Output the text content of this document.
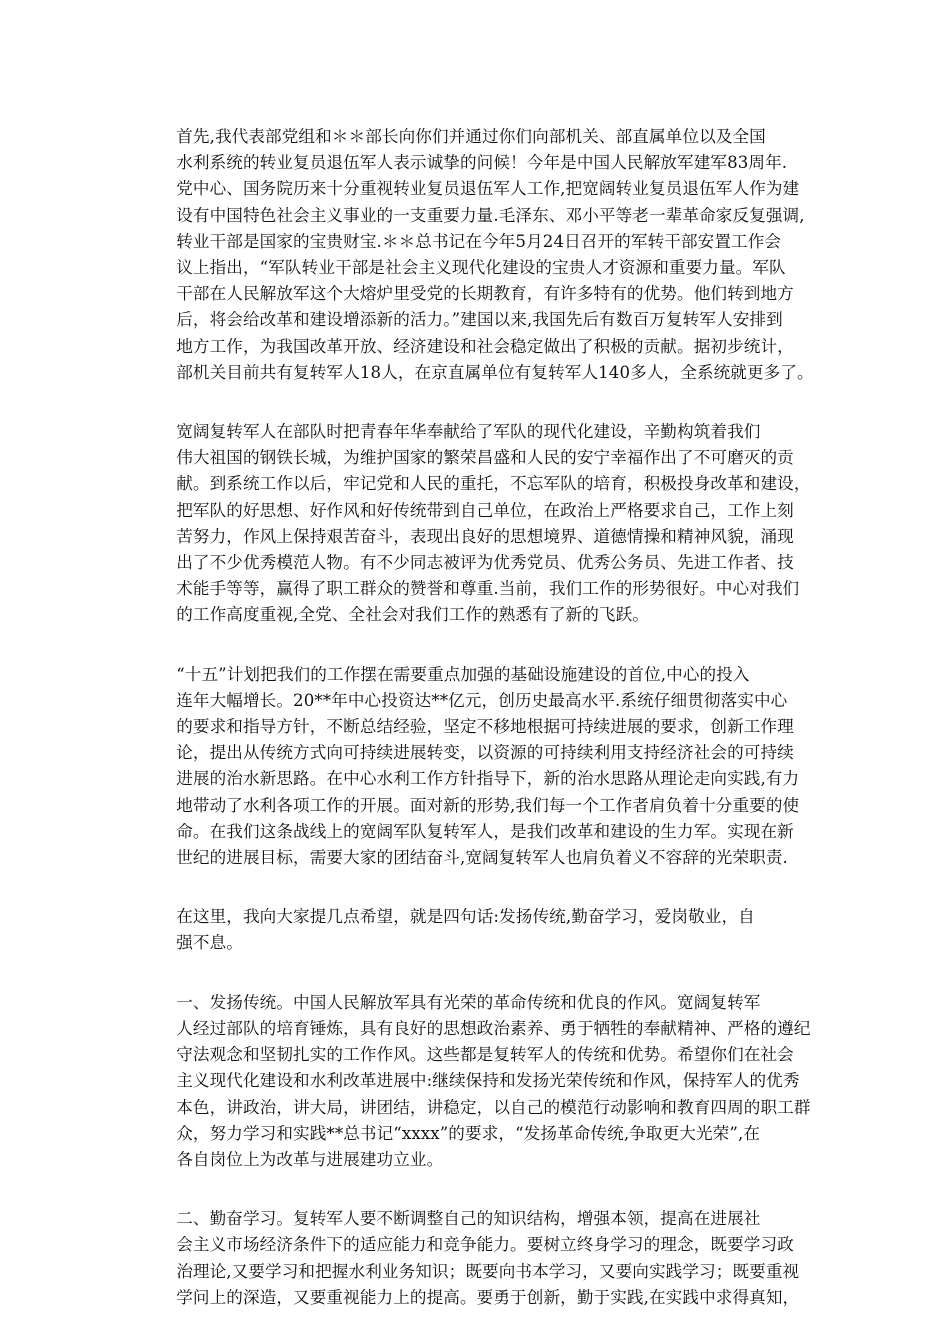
首先,我代表部党组和＊＊部长向你们并通过你们向部机关、部直属单位以及全国
水利系统的转业复员退伍军人表示诚挚的问候！今年是中国人民解放军建军83周年.
党中心、国务院历来十分重视转业复员退伍军人工作,把宽阔转业复员退伍军人作为建
设有中国特色社会主义事业的一支重要力量.毛泽东、邓小平等老一辈革命家反复强调,
转业干部是国家的宝贵财宝.＊＊总书记在今年5月24日召开的军转干部安置工作会
议上指出，“军队转业干部是社会主义现代化建设的宝贵人才资源和重要力量。军队
干部在人民解放军这个大熔炉里受党的长期教育，有许多特有的优势。他们转到地方
后，将会给改革和建设增添新的活力。”建国以来,我国先后有数百万复转军人安排到
地方工作，为我国改革开放、经济建设和社会稳定做出了积极的贡献。据初步统计，
部机关目前共有复转军人18人，在京直属单位有复转军人140多人，全系统就更多了。
宽阔复转军人在部队时把青春年华奉献给了军队的现代化建设，辛勤构筑着我们
伟大祖国的钢铁长城，为维护国家的繁荣昌盛和人民的安宁幸福作出了不可磨灭的贡
献。到系统工作以后，牢记党和人民的重托，不忘军队的培育，积极投身改革和建设，
把军队的好思想、好作风和好传统带到自己单位，在政治上严格要求自己，工作上刻
苦努力，作风上保持艰苦奋斗，表现出良好的思想境界、道德情操和精神风貌，涌现
出了不少优秀模范人物。有不少同志被评为优秀党员、优秀公务员、先进工作者、技
术能手等等，赢得了职工群众的赞誉和尊重.当前，我们工作的形势很好。中心对我们
的工作高度重视,全党、全社会对我们工作的熟悉有了新的飞跃。
“十五”计划把我们的工作摆在需要重点加强的基础设施建设的首位,中心的投入
连年大幅增长。20**年中心投资达**亿元，创历史最高水平.系统仔细贯彻落实中心
的要求和指导方针，不断总结经验，坚定不移地根据可持续进展的要求，创新工作理
论，提出从传统方式向可持续进展转变，以资源的可持续利用支持经济社会的可持续
进展的治水新思路。在中心水利工作方针指导下，新的治水思路从理论走向实践,有力
地带动了水利各项工作的开展。面对新的形势,我们每一个工作者肩负着十分重要的使
命。在我们这条战线上的宽阔军队复转军人，是我们改革和建设的生力军。实现在新
世纪的进展目标，需要大家的团结奋斗,宽阔复转军人也肩负着义不容辞的光荣职责.
在这里，我向大家提几点希望，就是四句话:发扬传统,勤奋学习，爱岗敬业，自
强不息。
一、发扬传统。中国人民解放军具有光荣的革命传统和优良的作风。宽阔复转军
人经过部队的培育锤炼，具有良好的思想政治素养、勇于牺牲的奉献精神、严格的遵纪
守法观念和坚韧扎实的工作作风。这些都是复转军人的传统和优势。希望你们在社会
主义现代化建设和水利改革进展中:继续保持和发扬光荣传统和作风，保持军人的优秀
本色，讲政治，讲大局，讲团结，讲稳定，以自己的模范行动影响和教育四周的职工群
众，努力学习和实践**总书记“xxxx”的要求，“发扬革命传统,争取更大光荣”,在
各自岗位上为改革与进展建功立业。
二、勤奋学习。复转军人要不断调整自己的知识结构，增强本领，提高在进展社
会主义市场经济条件下的适应能力和竞争能力。要树立终身学习的理念，既要学习政
治理论,又要学习和把握水利业务知识；既要向书本学习，又要向实践学习；既要重视
学问上的深造，又要重视能力上的提高。要勇于创新，勤于实践,在实践中求得真知，
